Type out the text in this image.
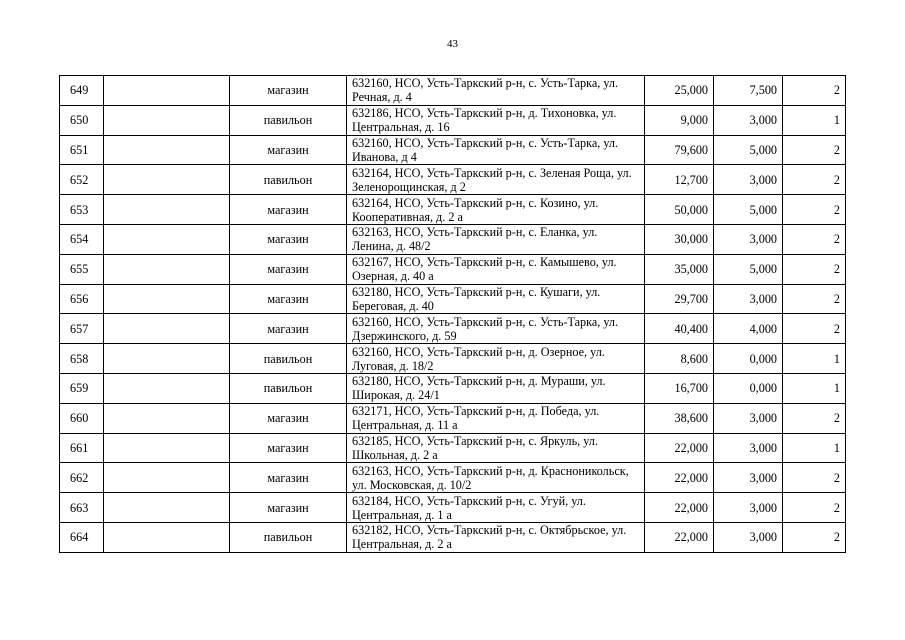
43
649		магазин	632160, НСО, Усть-Таркский р-н, с. Усть-Тарка, ул. Речная, д. 4	25,000	7,500	2
650		павильон	632186, НСО, Усть-Таркский р-н, д. Тихоновка, ул. Центральная, д. 16	9,000	3,000	1
651		магазин	632160, НСО, Усть-Таркский р-н, с. Усть-Тарка, ул. Иванова, д 4	79,600	5,000	2
652		павильон	632164, НСО, Усть-Таркский р-н, с. Зеленая Роща, ул. Зеленорощинская, д 2	12,700	3,000	2
653		магазин	632164, НСО, Усть-Таркский р-н, с. Козино, ул. Кооперативная, д. 2 а	50,000	5,000	2
654		магазин	632163, НСО, Усть-Таркский р-н, с. Еланка, ул. Ленина, д. 48/2	30,000	3,000	2
655		магазин	632167, НСО, Усть-Таркский р-н, с. Камышево, ул. Озерная, д. 40 а	35,000	5,000	2
656		магазин	632180, НСО, Усть-Таркский р-н, с. Кушаги, ул. Береговая, д. 40	29,700	3,000	2
657		магазин	632160, НСО, Усть-Таркский р-н, с. Усть-Тарка, ул. Дзержинского, д. 59	40,400	4,000	2
658		павильон	632160, НСО, Усть-Таркский р-н, д. Озерное, ул. Луговая, д. 18/2	8,600	0,000	1
659		павильон	632180, НСО, Усть-Таркский р-н, д. Мураши, ул. Широкая, д. 24/1	16,700	0,000	1
660		магазин	632171, НСО, Усть-Таркский р-н, д. Победа, ул. Центральная, д. 11 а	38,600	3,000	2
661		магазин	632185, НСО, Усть-Таркский р-н, с. Яркуль, ул. Школьная, д. 2 а	22,000	3,000	1
662		магазин	632163, НСО, Усть-Таркский р-н, д. Красноникольск, ул. Московская, д. 10/2	22,000	3,000	2
663		магазин	632184, НСО, Усть-Таркский р-н, с. Угуй, ул. Центральная, д. 1 а	22,000	3,000	2
664		павильон	632182, НСО, Усть-Таркский р-н, с. Октябрьское, ул. Центральная, д. 2 а	22,000	3,000	2
